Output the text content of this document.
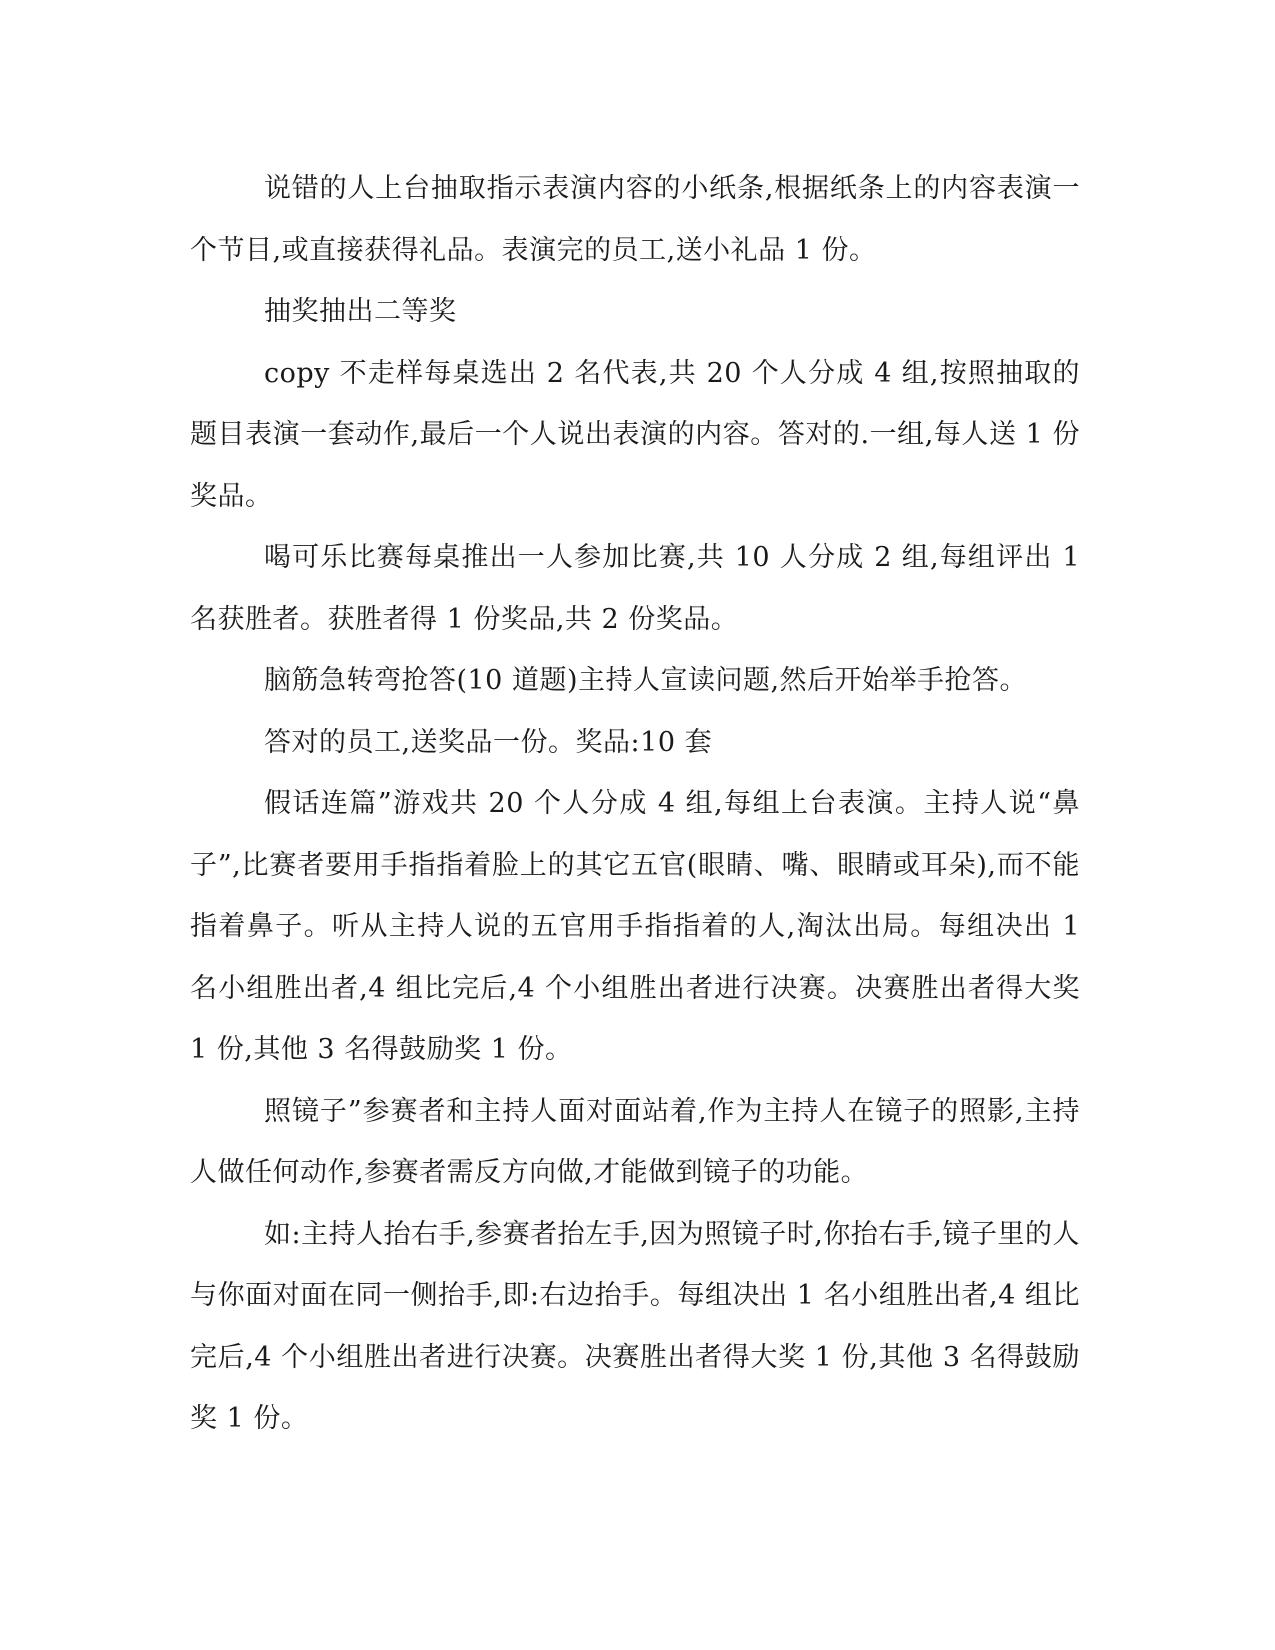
说错的人上台抽取指示表演内容的小纸条,根据纸条上的内容表演一个节目,或直接获得礼品。表演完的员工,送小礼品 1 份。

抽奖抽出二等奖

copy 不走样每桌选出 2 名代表,共 20 个人分成 4 组,按照抽取的题目表演一套动作,最后一个人说出表演的内容。答对的.一组,每人送 1 份奖品。

喝可乐比赛每桌推出一人参加比赛,共 10 人分成 2 组,每组评出 1 名获胜者。获胜者得 1 份奖品,共 2 份奖品。

脑筋急转弯抢答(10 道题)主持人宣读问题,然后开始举手抢答。

答对的员工,送奖品一份。奖品:10 套

假话连篇”游戏共 20 个人分成 4 组,每组上台表演。主持人说“鼻子”,比赛者要用手指指着脸上的其它五官(眼睛、嘴、眼睛或耳朵),而不能指着鼻子。听从主持人说的五官用手指指着的人,淘汰出局。每组决出 1 名小组胜出者,4 组比完后,4 个小组胜出者进行决赛。决赛胜出者得大奖 1 份,其他 3 名得鼓励奖 1 份。

照镜子”参赛者和主持人面对面站着,作为主持人在镜子的照影,主持人做任何动作,参赛者需反方向做,才能做到镜子的功能。

如:主持人抬右手,参赛者抬左手,因为照镜子时,你抬右手,镜子里的人与你面对面在同一侧抬手,即:右边抬手。每组决出 1 名小组胜出者,4 组比完后,4 个小组胜出者进行决赛。决赛胜出者得大奖 1 份,其他 3 名得鼓励奖 1 份。
